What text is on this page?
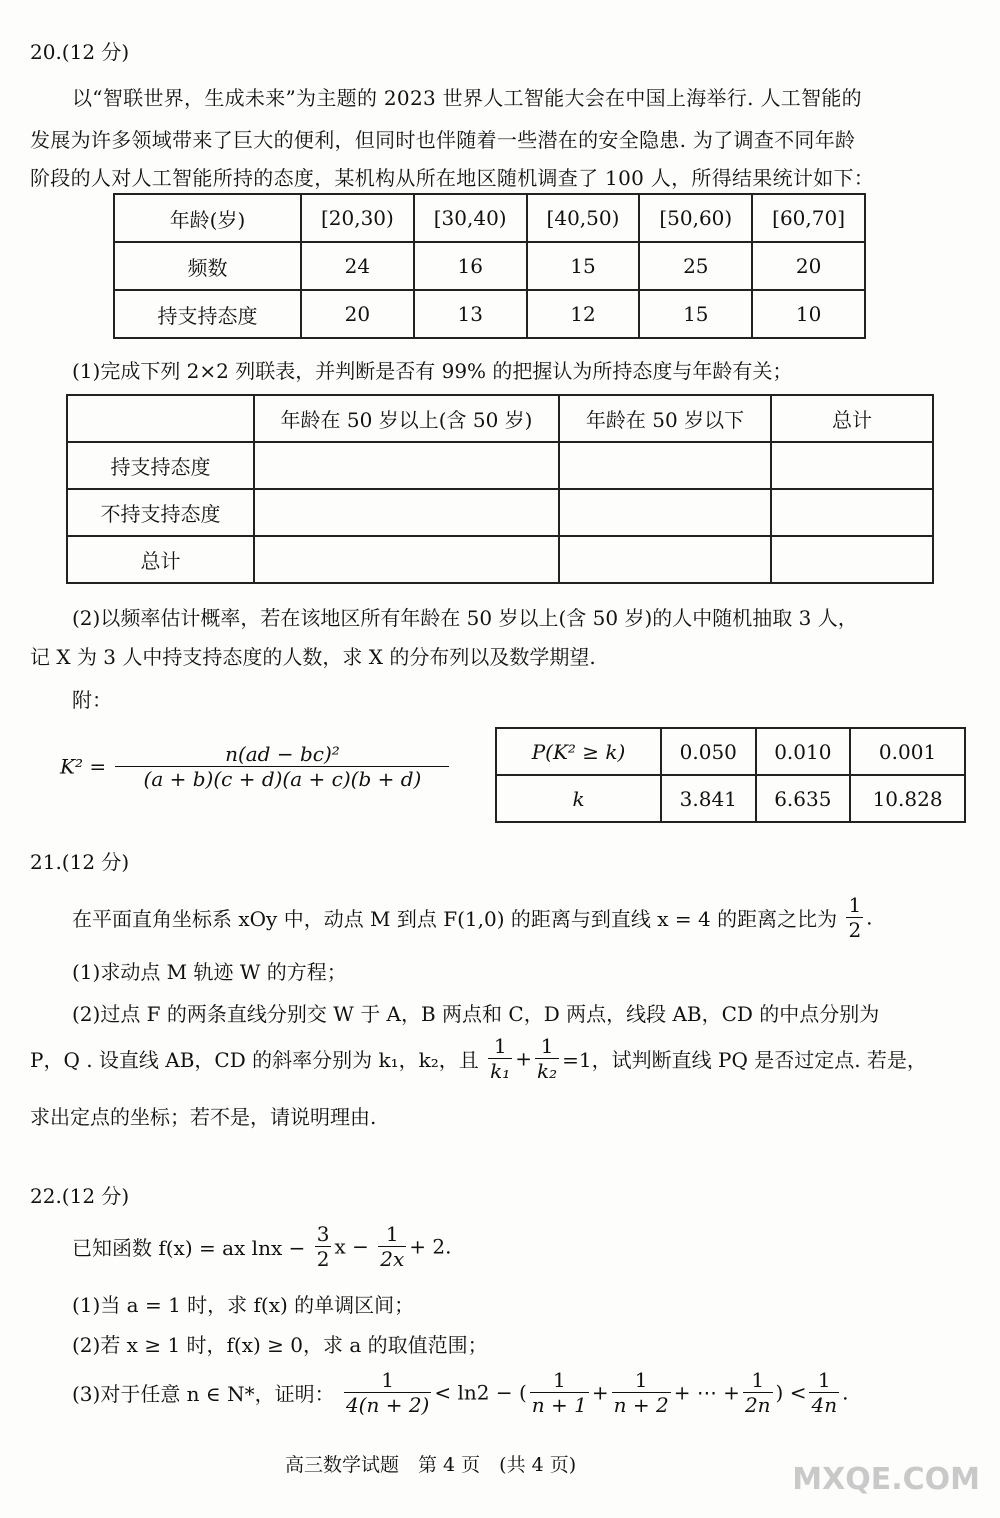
20.(12 分)
以“智联世界，生成未来”为主题的 2023 世界人工智能大会在中国上海举行. 人工智能的
发展为许多领域带来了巨大的便利，但同时也伴随着一些潜在的安全隐患. 为了调查不同年龄
阶段的人对人工智能所持的态度，某机构从所在地区随机调查了 100 人，所得结果统计如下：
年龄(岁)	[20,30)	[30,40)	[40,50)	[50,60)	[60,70]
频数	24	16	15	25	20
持支持态度	20	13	12	15	10
(1)完成下列 2×2 列联表，并判断是否有 99% 的把握认为所持态度与年龄有关；
	年龄在 50 岁以上(含 50 岁)	年龄在 50 岁以下	总计
持支持态度			
不持支持态度			
总计			
(2)以频率估计概率，若在该地区所有年龄在 50 岁以上(含 50 岁)的人中随机抽取 3 人，
记 X 为 3 人中持支持态度的人数，求 X 的分布列以及数学期望.
附：
$K^2 = \frac{\text{n(ad − bc)²}}{(a + b)(c + d)(a + c)(b + d)}$	P(K² ≥ k)	0.050	0.010	0.001
k	3.841	6.635	10.828
21.(12 分)
在平面直角坐标系 xOy 中，动点 M 到点 F(1,0) 的距离与到直线 x = 4 的距离之比为 $\frac{1}{2}$ .
(1)求动点 M 轨迹 W 的方程；
(2)过点 F 的两条直线分别交 W 于 A，B 两点和 C，D 两点，线段 AB，CD 的中点分别为
P，Q . 设直线 AB，CD 的斜率分别为 k₁，k₂，且 $\frac{1}{\text{k₁}} + \frac{1}{\text{k₂}} =1$，试判断直线 PQ 是否过定点. 若是，
求出定点的坐标；若不是，请说明理由.
22.(12 分)
已知函数 f(x) = ax $\ln x - \frac{3}{2}$ $x - \frac{1}{2x} + 2$.
(1)当 a = 1 时，求 f(x) 的单调区间；
(2)若 x ≥ 1 时，f(x) ≥ 0，求 a 的取值范围；
(3)对于任意 n ∈ N*，证明： $\frac{1}{4(n + 2)} < \ln 2$ − ( $\frac{1}{n + 1} + \frac{1}{n + 2}$ + ⋯ + $\frac{1}{2n}$ ) < $\frac{1}{4n}$ .
高三数学试题　第 4 页　(共 4 页)	MXQE.COM
